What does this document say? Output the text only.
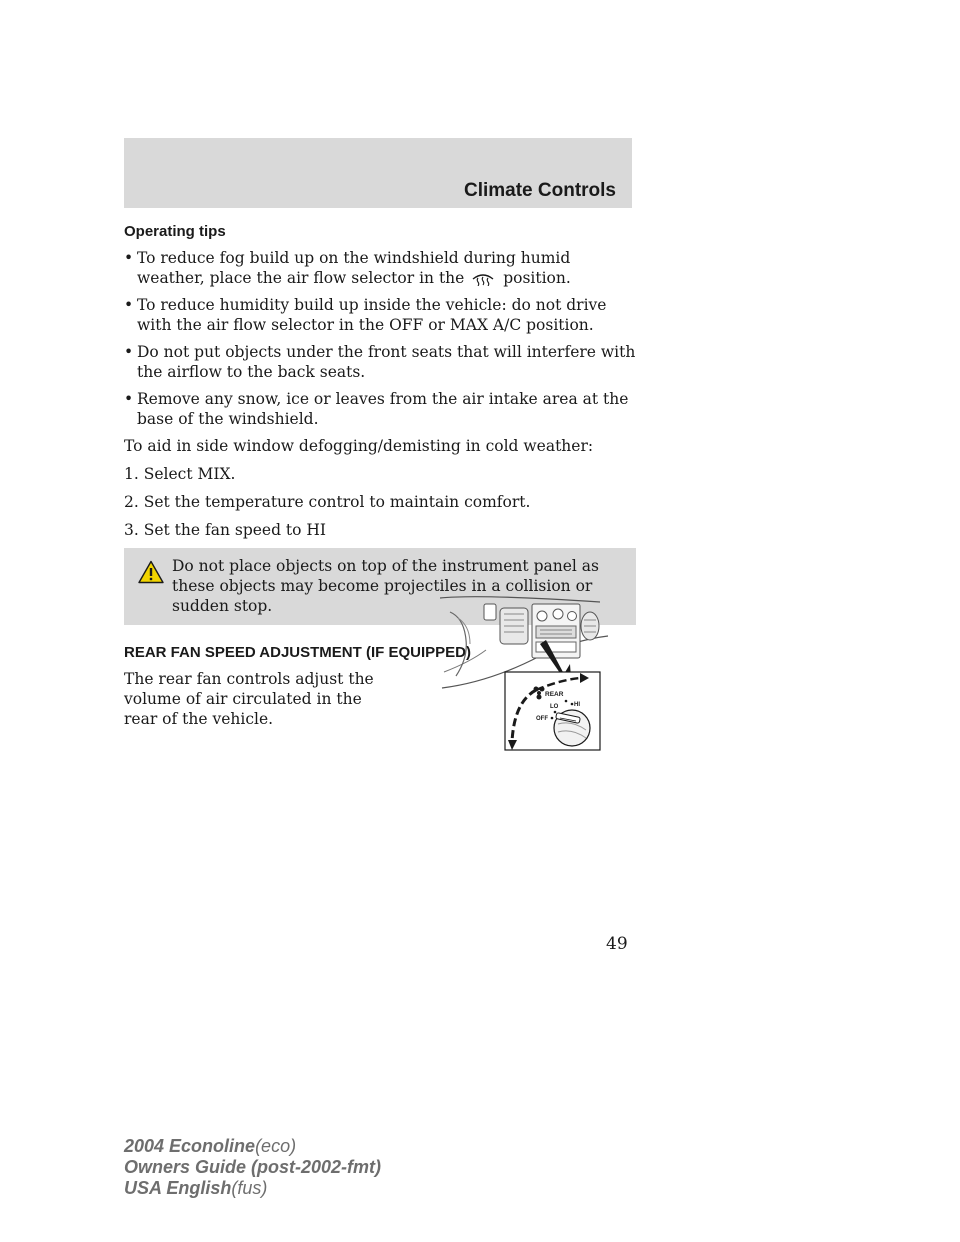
Climate Controls
Operating tips
• To reduce fog build up on the windshield during humid weather, place the air flow selector in the	position.
• To reduce humidity build up inside the vehicle: do not drive with the air flow selector in the OFF or MAX A/C position.
• Do not put objects under the front seats that will interfere with the airflow to the back seats.
• Remove any snow, ice or leaves from the air intake area at the base of the windshield.

To aid in side window defogging/demisting in cold weather:

1. Select MIX.

2. Set the temperature control to maintain comfort.

3. Set the fan speed to HI

Do not place objects on top of the instrument panel as these objects may become projectiles in a collision or sudden stop.
REAR FAN SPEED ADJUSTMENT (IF EQUIPPED)

The rear fan controls adjust the volume of air circulated in the rear of the vehicle.

REAR
LO	HI
OFF

49

2004 Econoline(eco)
Owners Guide (post-2002-fmt)
USA English(fus)
